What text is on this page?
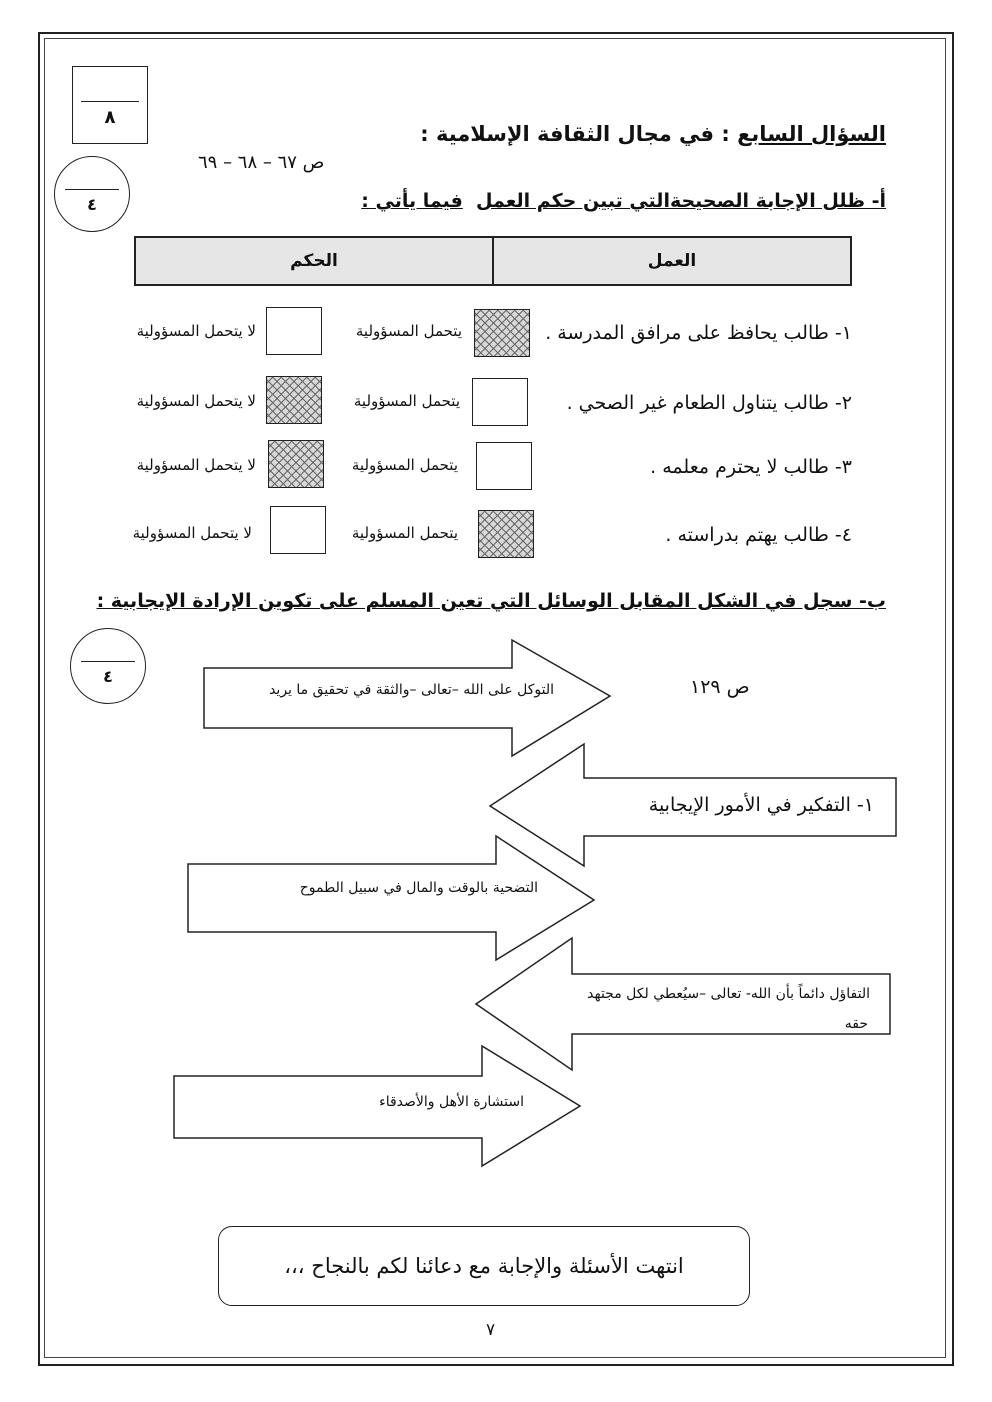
٨
السؤال السابع : في مجال الثقافة الإسلامية :
ص ٦٧ – ٦٨ – ٦٩
٤	أ- ظلل الإجابة الصحيحةالتي تبين حكم العمل  فيما يأتي :
الحكم	العمل
١- طالب يحافظ على مرافق المدرسة .
يتحمل المسؤولية
لا يتحمل المسؤولية
٢- طالب يتناول الطعام غير الصحي .
يتحمل المسؤولية
لا يتحمل المسؤولية
٣- طالب لا يحترم معلمه .
يتحمل المسؤولية
لا يتحمل المسؤولية
٤- طالب يهتم بدراسته .
يتحمل المسؤولية
لا يتحمل المسؤولية
ب- سجل في الشكل المقابل الوسائل التي تعين المسلم على تكوين الإرادة الإيجابية :
٤	ص ١٢٩
التوكل على الله –تعالى –والثقة في تحقيق ما يريد
١- التفكير في الأمور الإيجابية
التضحية بالوقت والمال في سبيل الطموح
التفاؤل دائماً بأن الله- تعالى –سيُعطي لكل مجتهد
حقه
استشارة الأهل والأصدقاء
انتهت الأسئلة والإجابة مع دعائنا لكم بالنجاح ،،،
٧
